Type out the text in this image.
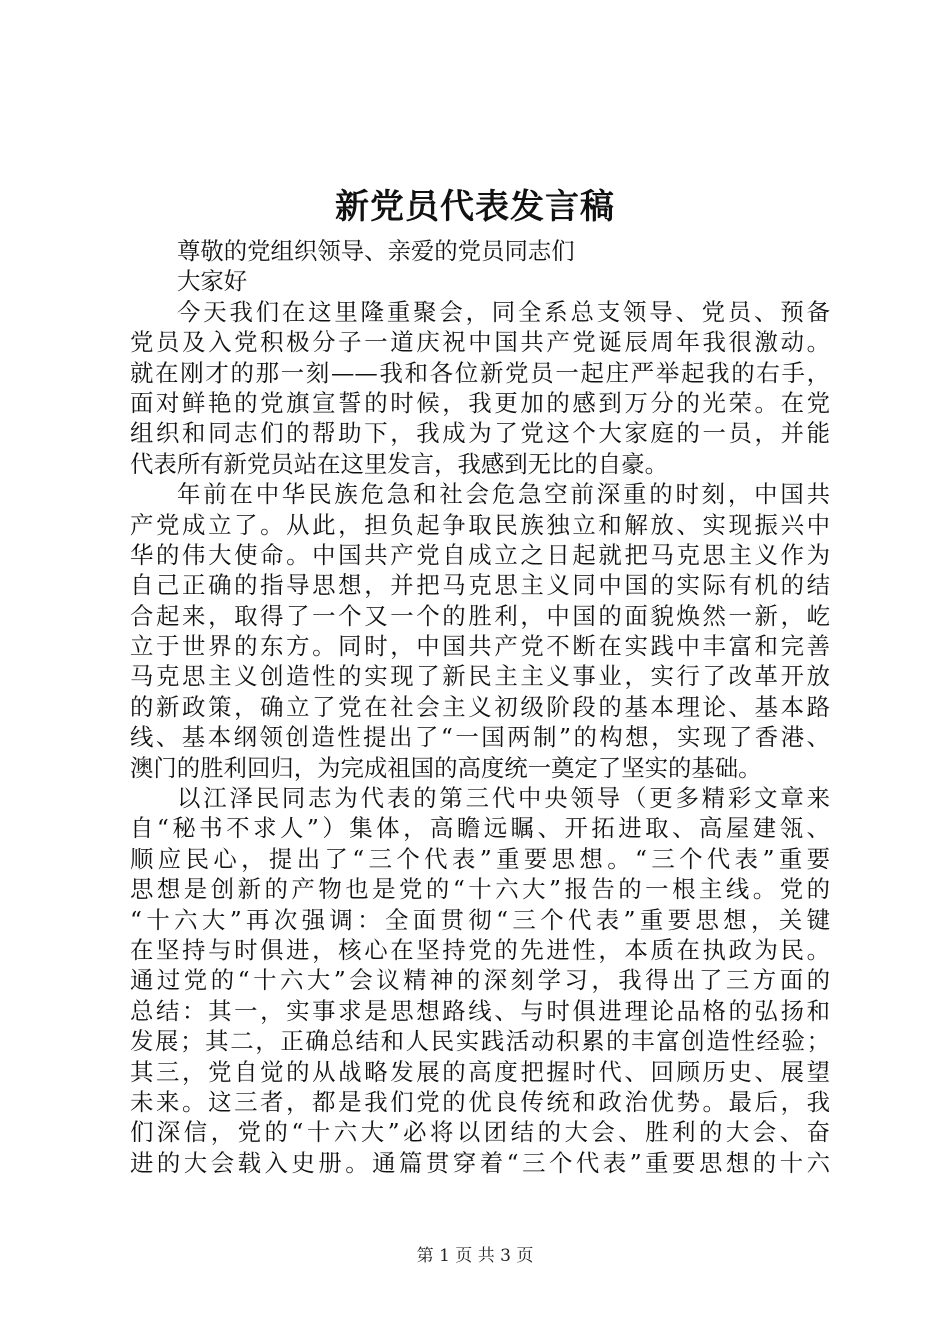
新党员代表发言稿
尊敬的党组织领导、亲爱的党员同志们
大家好
今天我们在这里隆重聚会，同全系总支领导、党员、预备
党员及入党积极分子一道庆祝中国共产党诞辰周年我很激动。
就在刚才的那一刻——我和各位新党员一起庄严举起我的右手，
面对鲜艳的党旗宣誓的时候，我更加的感到万分的光荣。在党
组织和同志们的帮助下，我成为了党这个大家庭的一员，并能
代表所有新党员站在这里发言，我感到无比的自豪。
年前在中华民族危急和社会危急空前深重的时刻，中国共
产党成立了。从此，担负起争取民族独立和解放、实现振兴中
华的伟大使命。中国共产党自成立之日起就把马克思主义作为
自己正确的指导思想，并把马克思主义同中国的实际有机的结
合起来，取得了一个又一个的胜利，中国的面貌焕然一新，屹
立于世界的东方。同时，中国共产党不断在实践中丰富和完善
马克思主义创造性的实现了新民主主义事业，实行了改革开放
的新政策，确立了党在社会主义初级阶段的基本理论、基本路
线、基本纲领创造性提出了“一国两制”的构想，实现了香港、
澳门的胜利回归，为完成祖国的高度统一奠定了坚实的基础。
以江泽民同志为代表的第三代中央领导（更多精彩文章来
自“秘书不求人”）集体，高瞻远瞩、开拓进取、高屋建瓴、
顺应民心，提出了“三个代表”重要思想。“三个代表”重要
思想是创新的产物也是党的“十六大”报告的一根主线。党的
“十六大”再次强调：全面贯彻“三个代表”重要思想，关键
在坚持与时俱进，核心在坚持党的先进性，本质在执政为民。
通过党的“十六大”会议精神的深刻学习，我得出了三方面的
总结：其一，实事求是思想路线、与时俱进理论品格的弘扬和
发展；其二，正确总结和人民实践活动积累的丰富创造性经验；
其三，党自觉的从战略发展的高度把握时代、回顾历史、展望
未来。这三者，都是我们党的优良传统和政治优势。最后，我
们深信，党的“十六大”必将以团结的大会、胜利的大会、奋
进的大会载入史册。通篇贯穿着“三个代表”重要思想的十六
第 1 页 共 3 页
